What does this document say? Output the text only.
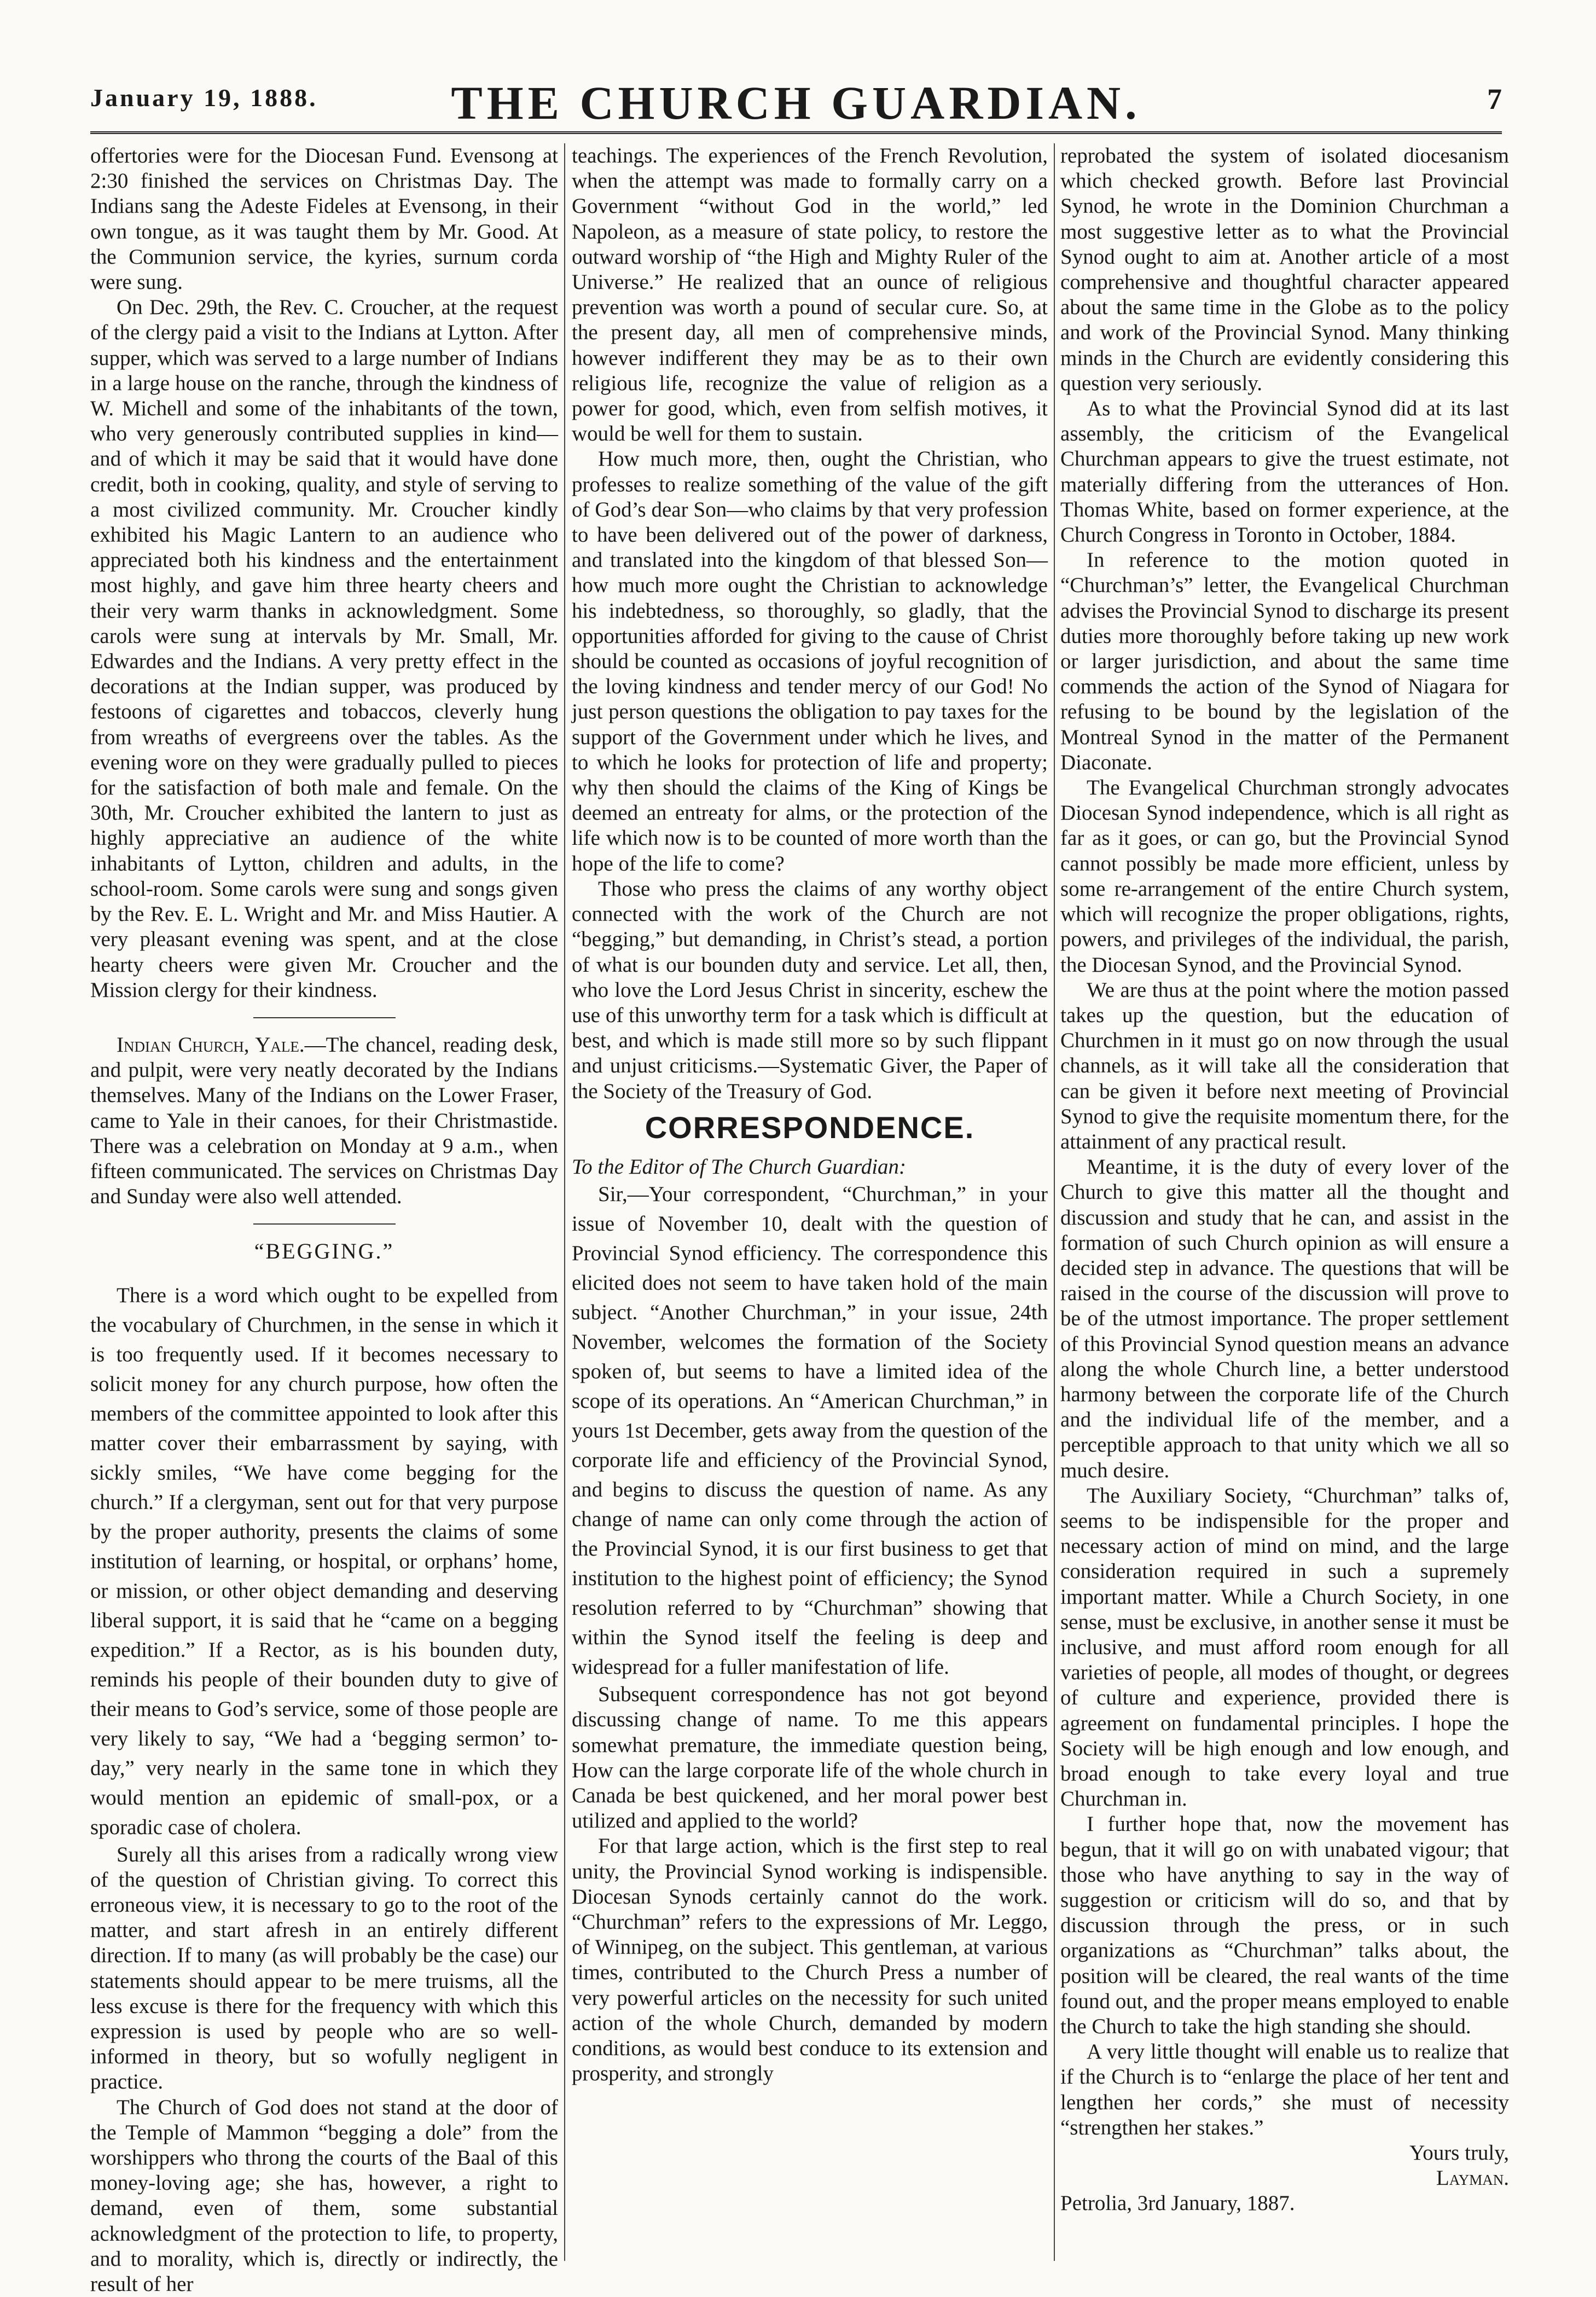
January 19, 1888.	THE CHURCH GUARDIAN.	7

offertories were for the Diocesan Fund. Evensong at 2:30 finished the services on Christmas Day. The Indians sang the Adeste Fideles at Evensong, in their own tongue, as it was taught them by Mr. Good. At the Communion service, the kyries, surnum corda were sung.

On Dec. 29th, the Rev. C. Croucher, at the request of the clergy paid a visit to the Indians at Lytton. After supper, which was served to a large number of Indians in a large house on the ranche, through the kindness of W. Michell and some of the inhabitants of the town, who very generously contributed supplies in kind—and of which it may be said that it would have done credit, both in cooking, quality, and style of serving to a most civilized community. Mr. Croucher kindly exhibited his Magic Lantern to an audience who appreciated both his kindness and the entertainment most highly, and gave him three hearty cheers and their very warm thanks in acknowledgment. Some carols were sung at intervals by Mr. Small, Mr. Edwardes and the Indians. A very pretty effect in the decorations at the Indian supper, was produced by festoons of cigarettes and tobaccos, cleverly hung from wreaths of evergreens over the tables. As the evening wore on they were gradually pulled to pieces for the satisfaction of both male and female. On the 30th, Mr. Croucher exhibited the lantern to just as highly appreciative an audience of the white inhabitants of Lytton, children and adults, in the school-room. Some carols were sung and songs given by the Rev. E. L. Wright and Mr. and Miss Hautier. A very pleasant evening was spent, and at the close hearty cheers were given Mr. Croucher and the Mission clergy for their kindness.

Indian Church, Yale.—The chancel, reading desk, and pulpit, were very neatly decorated by the Indians themselves. Many of the Indians on the Lower Fraser, came to Yale in their canoes, for their Christmastide. There was a celebration on Monday at 9 a.m., when fifteen communicated. The services on Christmas Day and Sunday were also well attended.

“BEGGING.”

There is a word which ought to be expelled from the vocabulary of Churchmen, in the sense in which it is too frequently used. If it becomes necessary to solicit money for any church purpose, how often the members of the committee appointed to look after this matter cover their embarrassment by saying, with sickly smiles, “We have come begging for the church.” If a clergyman, sent out for that very purpose by the proper authority, presents the claims of some institution of learning, or hospital, or orphans’ home, or mission, or other object demanding and deserving liberal support, it is said that he “came on a begging expedition.” If a Rector, as is his bounden duty, reminds his people of their bounden duty to give of their means to God’s service, some of those people are very likely to say, “We had a ‘begging sermon’ to-day,” very nearly in the same tone in which they would mention an epidemic of small-pox, or a sporadic case of cholera.

Surely all this arises from a radically wrong view of the question of Christian giving. To correct this erroneous view, it is necessary to go to the root of the matter, and start afresh in an entirely different direction. If to many (as will probably be the case) our statements should appear to be mere truisms, all the less excuse is there for the frequency with which this expression is used by people who are so well-informed in theory, but so wofully negligent in practice.

The Church of God does not stand at the door of the Temple of Mammon “begging a dole” from the worshippers who throng the courts of the Baal of this money-loving age; she has, however, a right to demand, even of them, some substantial acknowledgment of the protection to life, to property, and to morality, which is, directly or indirectly, the result of her

teachings. The experiences of the French Revolution, when the attempt was made to formally carry on a Government “without God in the world,” led Napoleon, as a measure of state policy, to restore the outward worship of “the High and Mighty Ruler of the Universe.” He realized that an ounce of religious prevention was worth a pound of secular cure. So, at the present day, all men of comprehensive minds, however indifferent they may be as to their own religious life, recognize the value of religion as a power for good, which, even from selfish motives, it would be well for them to sustain.

How much more, then, ought the Christian, who professes to realize something of the value of the gift of God’s dear Son—who claims by that very profession to have been delivered out of the power of darkness, and translated into the kingdom of that blessed Son—how much more ought the Christian to acknowledge his indebtedness, so thoroughly, so gladly, that the opportunities afforded for giving to the cause of Christ should be counted as occasions of joyful recognition of the loving kindness and tender mercy of our God! No just person questions the obligation to pay taxes for the support of the Government under which he lives, and to which he looks for protection of life and property; why then should the claims of the King of Kings be deemed an entreaty for alms, or the protection of the life which now is to be counted of more worth than the hope of the life to come?

Those who press the claims of any worthy object connected with the work of the Church are not “begging,” but demanding, in Christ’s stead, a portion of what is our bounden duty and service. Let all, then, who love the Lord Jesus Christ in sincerity, eschew the use of this unworthy term for a task which is difficult at best, and which is made still more so by such flippant and unjust criticisms.—Systematic Giver, the Paper of the Society of the Treasury of God.

CORRESPONDENCE.

To the Editor of The Church Guardian:

Sir,—Your correspondent, “Churchman,” in your issue of November 10, dealt with the question of Provincial Synod efficiency. The correspondence this elicited does not seem to have taken hold of the main subject. “Another Churchman,” in your issue, 24th November, welcomes the formation of the Society spoken of, but seems to have a limited idea of the scope of its operations. An “American Churchman,” in yours 1st December, gets away from the question of the corporate life and efficiency of the Provincial Synod, and begins to discuss the question of name. As any change of name can only come through the action of the Provincial Synod, it is our first business to get that institution to the highest point of efficiency; the Synod resolution referred to by “Churchman” showing that within the Synod itself the feeling is deep and widespread for a fuller manifestation of life.

Subsequent correspondence has not got beyond discussing change of name. To me this appears somewhat premature, the immediate question being, How can the large corporate life of the whole church in Canada be best quickened, and her moral power best utilized and applied to the world?

For that large action, which is the first step to real unity, the Provincial Synod working is indispensible. Diocesan Synods certainly cannot do the work. “Churchman” refers to the expressions of Mr. Leggo, of Winnipeg, on the subject. This gentleman, at various times, contributed to the Church Press a number of very powerful articles on the necessity for such united action of the whole Church, demanded by modern conditions, as would best conduce to its extension and prosperity, and strongly

reprobated the system of isolated diocesanism which checked growth. Before last Provincial Synod, he wrote in the Dominion Churchman a most suggestive letter as to what the Provincial Synod ought to aim at. Another article of a most comprehensive and thoughtful character appeared about the same time in the Globe as to the policy and work of the Provincial Synod. Many thinking minds in the Church are evidently considering this question very seriously.

As to what the Provincial Synod did at its last assembly, the criticism of the Evangelical Churchman appears to give the truest estimate, not materially differing from the utterances of Hon. Thomas White, based on former experience, at the Church Congress in Toronto in October, 1884.

In reference to the motion quoted in “Churchman’s” letter, the Evangelical Churchman advises the Provincial Synod to discharge its present duties more thoroughly before taking up new work or larger jurisdiction, and about the same time commends the action of the Synod of Niagara for refusing to be bound by the legislation of the Montreal Synod in the matter of the Permanent Diaconate.

The Evangelical Churchman strongly advocates Diocesan Synod independence, which is all right as far as it goes, or can go, but the Provincial Synod cannot possibly be made more efficient, unless by some re-arrangement of the entire Church system, which will recognize the proper obligations, rights, powers, and privileges of the individual, the parish, the Diocesan Synod, and the Provincial Synod.

We are thus at the point where the motion passed takes up the question, but the education of Churchmen in it must go on now through the usual channels, as it will take all the consideration that can be given it before next meeting of Provincial Synod to give the requisite momentum there, for the attainment of any practical result.

Meantime, it is the duty of every lover of the Church to give this matter all the thought and discussion and study that he can, and assist in the formation of such Church opinion as will ensure a decided step in advance. The questions that will be raised in the course of the discussion will prove to be of the utmost importance. The proper settlement of this Provincial Synod question means an advance along the whole Church line, a better understood harmony between the corporate life of the Church and the individual life of the member, and a perceptible approach to that unity which we all so much desire.

The Auxiliary Society, “Churchman” talks of, seems to be indispensible for the proper and necessary action of mind on mind, and the large consideration required in such a supremely important matter. While a Church Society, in one sense, must be exclusive, in another sense it must be inclusive, and must afford room enough for all varieties of people, all modes of thought, or degrees of culture and experience, provided there is agreement on fundamental principles. I hope the Society will be high enough and low enough, and broad enough to take every loyal and true Churchman in.

I further hope that, now the movement has begun, that it will go on with unabated vigour; that those who have anything to say in the way of suggestion or criticism will do so, and that by discussion through the press, or in such organizations as “Churchman” talks about, the position will be cleared, the real wants of the time found out, and the proper means employed to enable the Church to take the high standing she should.

A very little thought will enable us to realize that if the Church is to “enlarge the place of her tent and lengthen her cords,” she must of necessity “strengthen her stakes.”

Yours truly,

Layman.

Petrolia, 3rd January, 1887.
